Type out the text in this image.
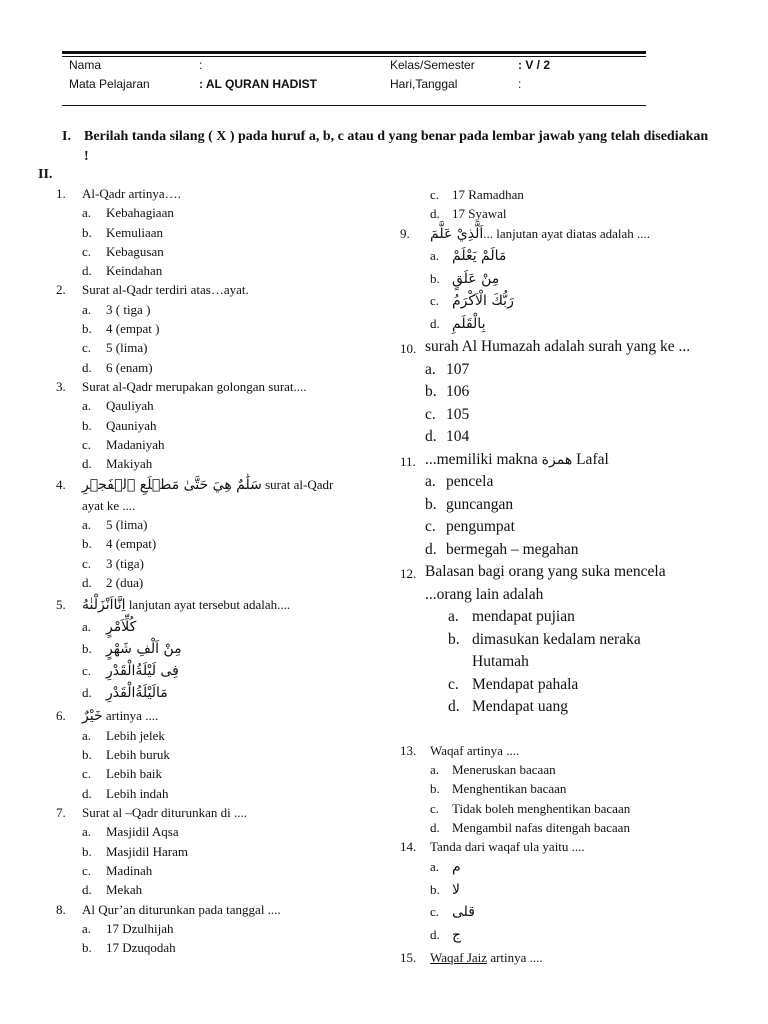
Nama	:	Kelas/Semester	: V / 2
Mata Pelajaran	: AL QURAN HADIST	Hari,Tanggal	:
I. Berilah tanda silang ( X ) pada huruf a, b, c atau d yang benar pada lembar jawab yang telah disediakan !
II.
1. Al-Qadr artinya….
a. Kebahagiaan
b. Kemuliaan
c. Kebagusan
d. Keindahan
2. Surat al-Qadr terdiri atas…ayat.
a. 3 ( tiga )
b. 4 (empat )
c. 5 (lima)
d. 6 (enam)
3. Surat al-Qadr merupakan golongan surat....
a. Qauliyah
b. Qauniyah
c. Madaniyah
d. Makiyah
4. سَلَٰمٌ هِيَ حَتَّىٰ مَطۡلَعِ ٱلۡفَجۡرِ surat al-Qadr ayat ke ....
a. 5 (lima)
b. 4 (empat)
c. 3 (tiga)
d. 2 (dua)
5. اِنَّااَنْزَلْنٰهُ lanjutan ayat tersebut adalah....
a. كُلِّاَمْرٍ
b. مِنْ اَلْفِ شَهْرٍ
c. فِى لَيْلَةُالْقَدْرِ
d. مَالَيْلَةُالْقَدْرِ
6. خَيْرٌ artinya ....
a. Lebih jelek
b. Lebih buruk
c. Lebih baik
d. Lebih indah
7. Surat al –Qadr diturunkan di ....
a. Masjidil Aqsa
b. Masjidil Haram
c. Madinah
d. Mekah
8. Al Qur’an diturunkan pada tanggal ....
a. 17 Dzulhijah
b. 17 Dzuqodah
c. 17 Ramadhan
d. 17 Syawal
9. اَلَّذِيْ عَلَّمَ... lanjutan ayat diatas adalah ....
a. مَالَمْ يَعْلَمْ
b. مِنْ عَلَقٍ
c. رَبُّكَ الْاَكْرَمُ
d. بِالْقَلَمِ
10. surah Al Humazah adalah surah yang ke ...
a. 107
b. 106
c. 105
d. 104
11. ...memiliki makna همزة Lafal
a. pencela
b. guncangan
c. pengumpat
d. bermegah – megahan
12. Balasan bagi orang yang suka mencela ...orang lain adalah
a. mendapat pujian
b. dimasukan kedalam neraka Hutamah
c. Mendapat pahala
d. Mendapat uang
13. Waqaf artinya ....
a. Meneruskan bacaan
b. Menghentikan bacaan
c. Tidak boleh menghentikan bacaan
d. Mengambil nafas ditengah bacaan
14. Tanda dari waqaf ula yaitu ....
a. م
b. لا
c. قلى
d. ج
15. Waqaf Jaiz artinya ....
